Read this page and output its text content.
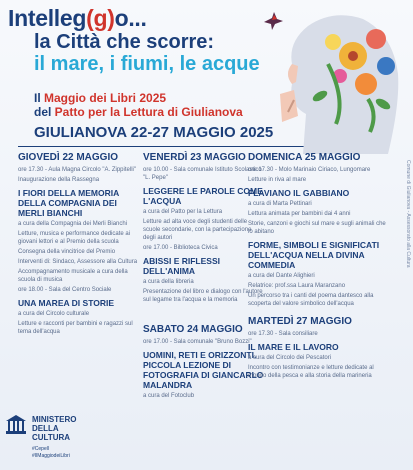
Intelleg(g)o...
la Città che scorre:
il mare, i fiumi, le acque
Il Maggio dei Libri 2025
del Patto per la Lettura di Giulianova
GIULIANOVA 22-27 MAGGIO 2025
GIOVEDÌ 22 MAGGIO
ore 17.30 - Aula Magna Circolo "A. Zippitelli"
Inaugurazione della Rassegna
I FIORI DELLA MEMORIA DELLA COMPAGNIA DEI MERLI BIANCHI
a cura della Compagnia dei Merli Bianchi
Letture, musica e performance dedicate ai giovani lettori e al Premio della scuola
Consegna della vincitrice del Premio
Interventi di: Sindaco, Assessore alla Cultura
Accompagnamento musicale a cura della scuola di musica
ore 18.00 - Sala del Centro Sociale
UNA MAREA DI STORIE
a cura del Circolo culturale
Letture e racconti per bambini e ragazzi sul tema dell'acqua
VENERDÌ 23 MAGGIO
ore 10.00 - Sala comunale Istituto Scolastico "L. Pepe"
LEGGERE LE PAROLE COME L'ACQUA
a cura del Patto per la Lettura
Letture ad alta voce degli studenti delle scuole secondarie, con la partecipazione degli autori
ore 17.00 - Biblioteca Civica
ABISSI E RIFLESSI DELL'ANIMA
a cura della libreria
Presentazione del libro e dialogo con l'autore sul legame tra l'acqua e la memoria
SABATO 24 MAGGIO
ore 17.00 - Sala comunale "Bruno Bozzi"
UOMINI, RETI E ORIZZONTI. PICCOLA LEZIONE DI FOTOGRAFIA DI GIANCARLO MALANDRA
a cura del Fotoclub
DOMENICA 25 MAGGIO
ore 17.30 - Molo Marinaio Ciriaco, Lungomare
Letture in riva al mare
FLAVIANO IL GABBIANO
a cura di Marta Pettinari
Lettura animata per bambini dai 4 anni
Storie, canzoni e giochi sul mare e sugli animali che lo abitano
FORME, SIMBOLI E SIGNIFICATI DELL'ACQUA NELLA DIVINA COMMEDIA
a cura del Dante Alighieri
Relatrice: prof.ssa Laura Maranzano
Un percorso tra i canti del poema dantesco alla scoperta del valore simbolico dell'acqua
MARTEDÌ 27 MAGGIO
ore 17.30 - Sala consiliare
IL MARE E IL LAVORO
a cura del Circolo dei Pescatori
Incontro con testimonianze e letture dedicate al mondo della pesca e alla storia della marineria
MINISTERO
DELLA
CULTURA
#Cepell
#IlMaggiodeiLibri
Comune di Giulianova - Assessorato alla Cultura
